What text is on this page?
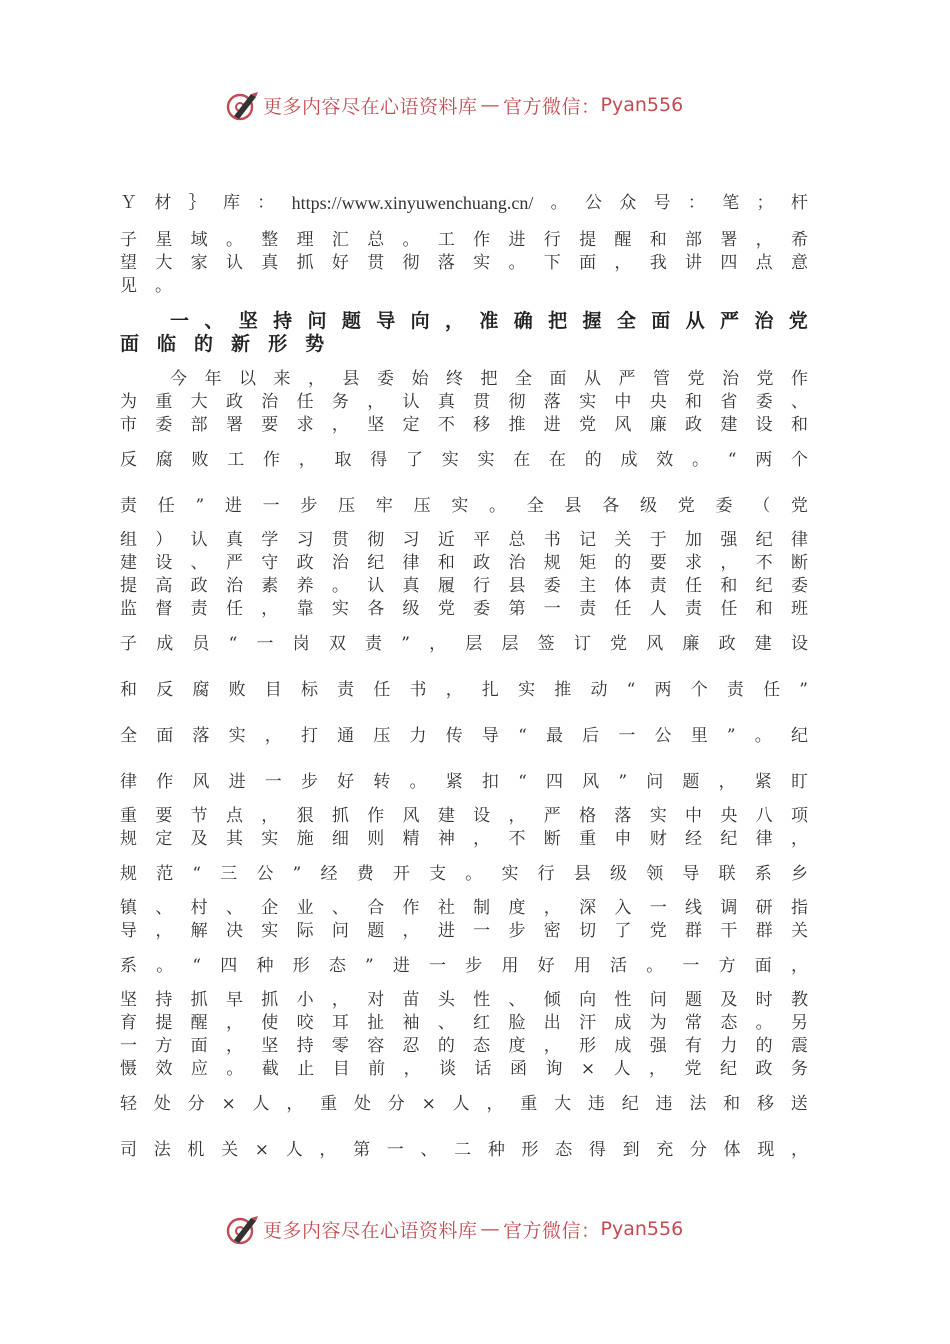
更多内容尽在心语资料库 — 官方微信： Pyan556
Ｙ 材 ｝ 库 ： https://www.xinyuwenchuang.cn/ 。 公 众 号 ： 笔 ； 杆
子 星 域 。 整 理 汇 总 。 工 作 进 行 提 醒 和 部 署 ， 希
望 大 家 认 真 抓 好 贯 彻 落 实 。 下 面 ， 我 讲 四 点 意
见 。
一 、 坚 持 问 题 导 向 ， 准 确 把 握 全 面 从 严 治 党
面 临 的 新 形 势
今 年 以 来 ， 县 委 始 终 把 全 面 从 严 管 党 治 党 作
为 重 大 政 治 任 务 ， 认 真 贯 彻 落 实 中 央 和 省 委 、
市 委 部 署 要 求 ， 坚 定 不 移 推 进 党 风 廉 政 建 设 和
反 腐 败 工 作 ， 取 得 了 实 实 在 在 的 成 效 。 “ 两 个
责 任 ” 进 一 步 压 牢 压 实 。 全 县 各 级 党 委 （ 党
组 ） 认 真 学 习 贯 彻 习 近 平 总 书 记 关 于 加 强 纪 律
建 设 、 严 守 政 治 纪 律 和 政 治 规 矩 的 要 求 ， 不 断
提 高 政 治 素 养 。 认 真 履 行 县 委 主 体 责 任 和 纪 委
监 督 责 任 ， 靠 实 各 级 党 委 第 一 责 任 人 责 任 和 班
子 成 员 “ 一 岗 双 责 ” ， 层 层 签 订 党 风 廉 政 建 设
和 反 腐 败 目 标 责 任 书 ， 扎 实 推 动 “ 两 个 责 任 ”
全 面 落 实 ， 打 通 压 力 传 导 “ 最 后 一 公 里 ” 。 纪
律 作 风 进 一 步 好 转 。 紧 扣 “ 四 风 ” 问 题 ， 紧 盯
重 要 节 点 ， 狠 抓 作 风 建 设 ， 严 格 落 实 中 央 八 项
规 定 及 其 实 施 细 则 精 神 ， 不 断 重 申 财 经 纪 律 ，
规 范 “ 三 公 ” 经 费 开 支 。 实 行 县 级 领 导 联 系 乡
镇 、 村 、 企 业 、 合 作 社 制 度 ， 深 入 一 线 调 研 指
导 ， 解 决 实 际 问 题 ， 进 一 步 密 切 了 党 群 干 群 关
系 。 “ 四 种 形 态 ” 进 一 步 用 好 用 活 。 一 方 面 ，
坚 持 抓 早 抓 小 ， 对 苗 头 性 、 倾 向 性 问 题 及 时 教
育 提 醒 ， 使 咬 耳 扯 袖 、 红 脸 出 汗 成 为 常 态 。 另
一 方 面 ， 坚 持 零 容 忍 的 态 度 ， 形 成 强 有 力 的 震
慑 效 应 。 截 止 目 前 ， 谈 话 函 询 × 人 ， 党 纪 政 务
轻 处 分 × 人 ， 重 处 分 × 人 ， 重 大 违 纪 违 法 和 移 送
司 法 机 关 × 人 ， 第 一 、 二 种 形 态 得 到 充 分 体 现 ，
更多内容尽在心语资料库 — 官方微信： Pyan556
